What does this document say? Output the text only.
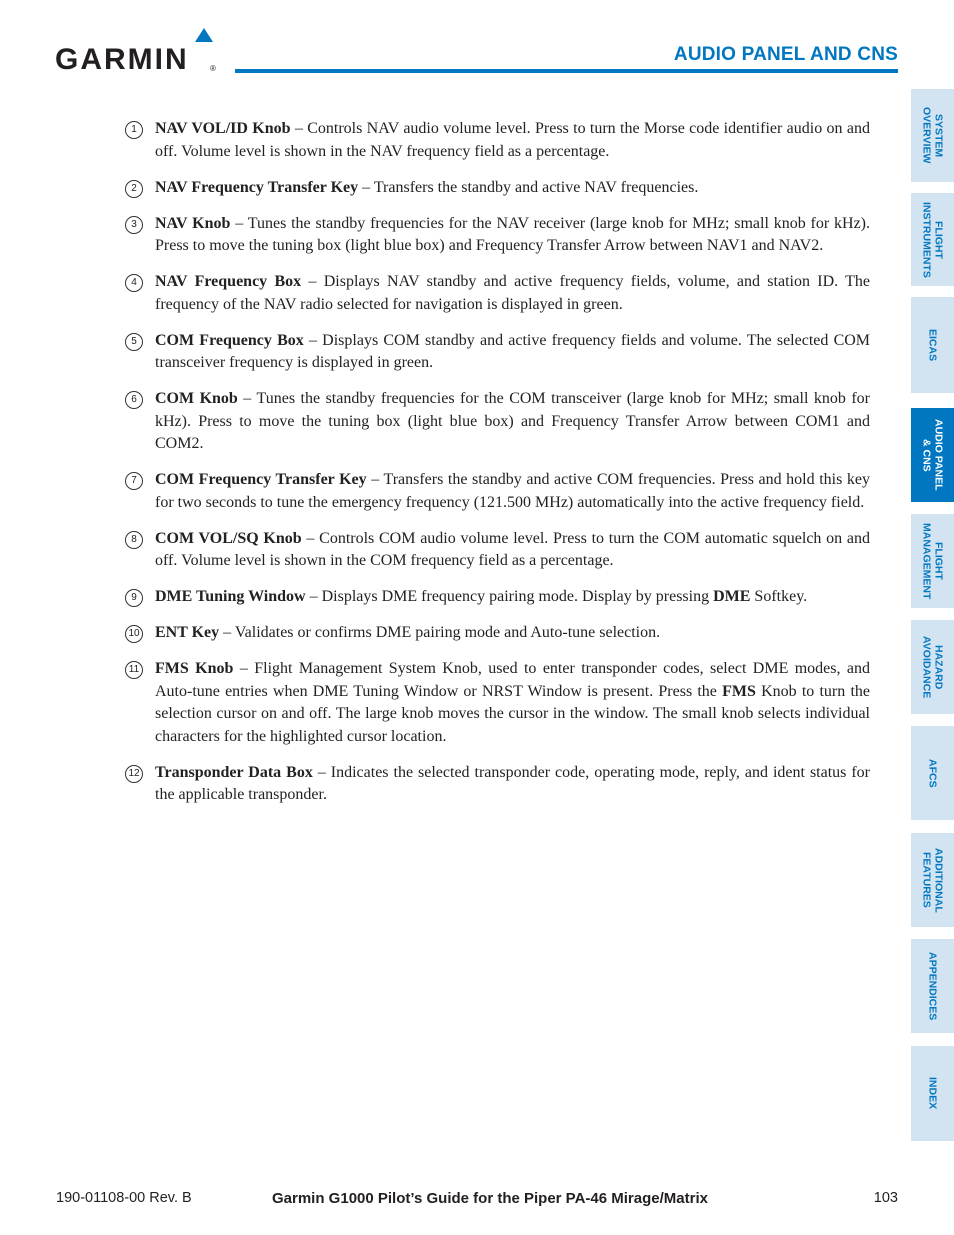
GARMIN	®
AUDIO PANEL AND CNS
1	NAV VOL/ID Knob – Controls NAV audio volume level. Press to turn the Morse code identifier audio on and off. Volume level is shown in the NAV frequency field as a percentage.
2	NAV Frequency Transfer Key – Transfers the standby and active NAV frequencies.
3	NAV Knob – Tunes the standby frequencies for the NAV receiver (large knob for MHz; small knob for kHz). Press to move the tuning box (light blue box) and Frequency Transfer Arrow between NAV1 and NAV2.
4	NAV Frequency Box – Displays NAV standby and active frequency fields, volume, and station ID. The frequency of the NAV radio selected for navigation is displayed in green.
5	COM Frequency Box – Displays COM standby and active frequency fields and volume. The selected COM transceiver frequency is displayed in green.
6	COM Knob – Tunes the standby frequencies for the COM transceiver (large knob for MHz; small knob for kHz). Press to move the tuning box (light blue box) and Frequency Transfer Arrow between COM1 and COM2.
7	COM Frequency Transfer Key – Transfers the standby and active COM frequencies. Press and hold this key for two seconds to tune the emergency frequency (121.500 MHz) automatically into the active frequency field.
8	COM VOL/SQ Knob – Controls COM audio volume level. Press to turn the COM automatic squelch on and off. Volume level is shown in the COM frequency field as a percentage.
9	DME Tuning Window – Displays DME frequency pairing mode. Display by pressing DME Softkey.
10 ENT Key – Validates or confirms DME pairing mode and Auto-tune selection.
11 FMS Knob – Flight Management System Knob, used to enter transponder codes, select DME modes, and Auto-tune entries when DME Tuning Window or NRST Window is present. Press the FMS Knob to turn the selection cursor on and off. The large knob moves the cursor in the window. The small knob selects individual characters for the highlighted cursor location.
12 Transponder Data Box – Indicates the selected transponder code, operating mode, reply, and ident status for the applicable transponder.
SYSTEM
OVERVIEW
FLIGHT
INSTRUMENTS
EICAS
AUDIO PANEL
& CNS
FLIGHT
MANAGEMENT
HAZARD
AVOIDANCE
AFCS
ADDITIONAL
FEATURES
APPENDICES
INDEX
190-01108-00 Rev. B	Garmin G1000 Pilot’s Guide for the Piper PA-46 Mirage/Matrix	103
